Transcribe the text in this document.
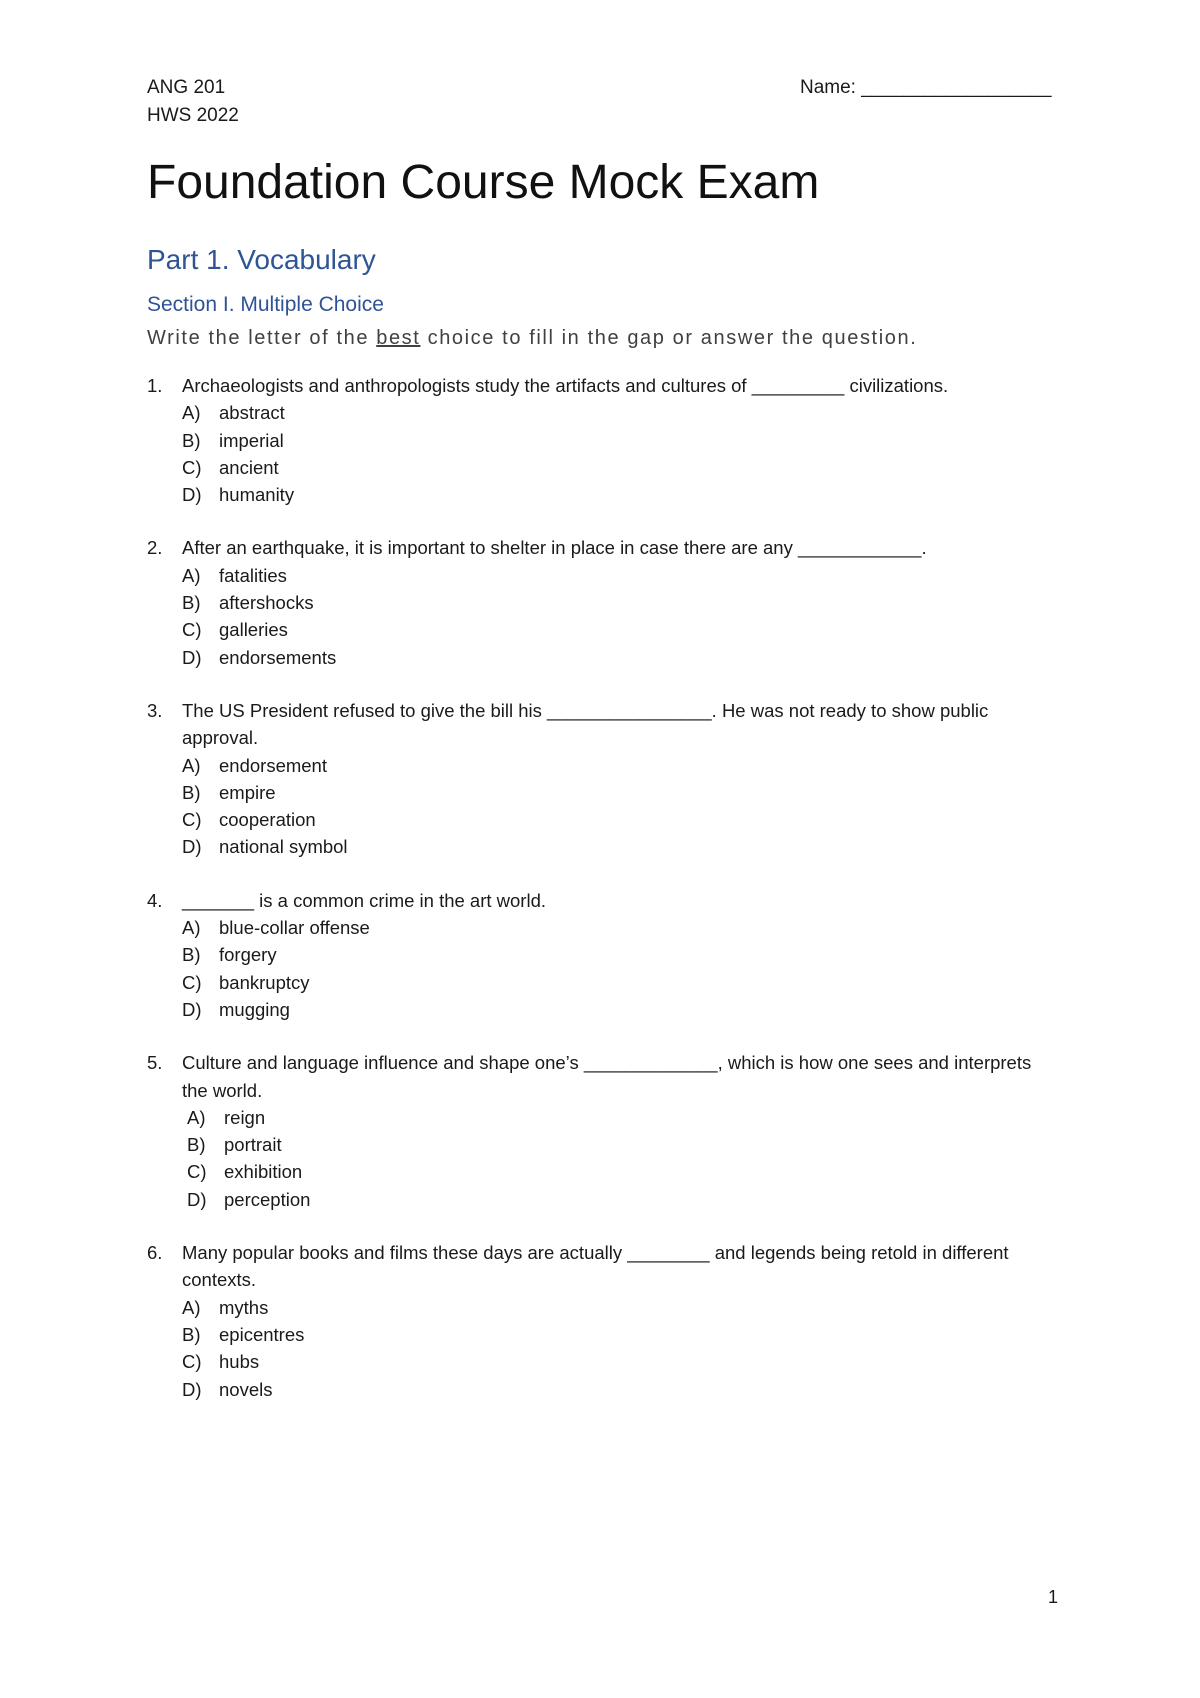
ANG 201
HWS 2022
Name: __________________
Foundation Course Mock Exam
Part 1. Vocabulary
Section I. Multiple Choice
Write the letter of the best choice to fill in the gap or answer the question.
1.	Archaeologists and anthropologists study the artifacts and cultures of _________ civilizations.
A) abstract
B) imperial
C) ancient
D) humanity
2.	After an earthquake, it is important to shelter in place in case there are any ____________.
A) fatalities
B) aftershocks
C) galleries
D) endorsements
3.	The US President refused to give the bill his ________________. He was not ready to show public approval.
A) endorsement
B) empire
C) cooperation
D) national symbol
4.	_______ is a common crime in the art world.
A) blue-collar offense
B) forgery
C) bankruptcy
D) mugging
5.	Culture and language influence and shape one’s _____________, which is how one sees and interprets the world.
A) reign
B) portrait
C) exhibition
D) perception
6.	Many popular books and films these days are actually ________ and legends being retold in different contexts.
A) myths
B) epicentres
C) hubs
D) novels
1
